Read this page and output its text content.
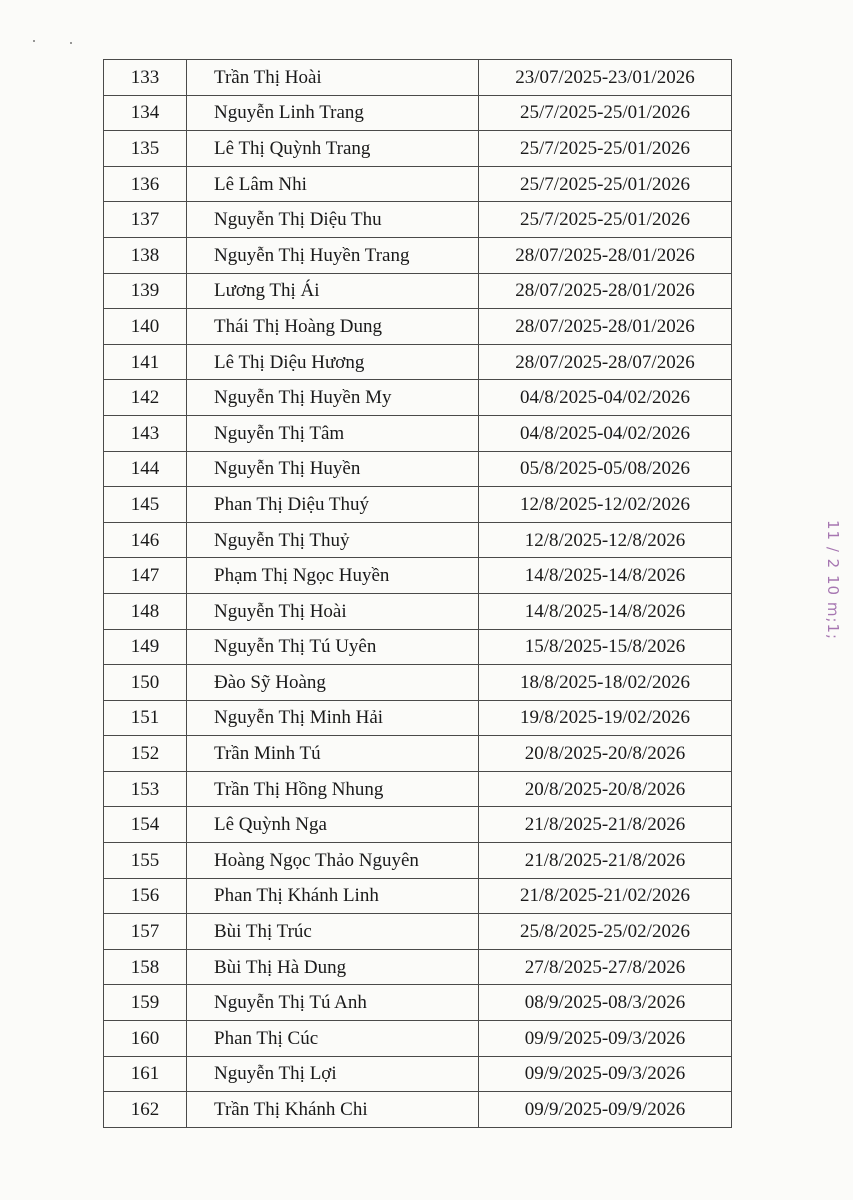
133	Trần Thị Hoài	23/07/2025-23/01/2026
134	Nguyễn Linh Trang	25/7/2025-25/01/2026
135	Lê Thị Quỳnh Trang	25/7/2025-25/01/2026
136	Lê Lâm Nhi	25/7/2025-25/01/2026
137	Nguyễn Thị Diệu Thu	25/7/2025-25/01/2026
138	Nguyễn Thị Huyền Trang	28/07/2025-28/01/2026
139	Lương Thị Ái	28/07/2025-28/01/2026
140	Thái Thị Hoàng Dung	28/07/2025-28/01/2026
141	Lê Thị Diệu Hương	28/07/2025-28/07/2026
142	Nguyễn Thị Huyền My	04/8/2025-04/02/2026
143	Nguyễn Thị Tâm	04/8/2025-04/02/2026
144	Nguyễn Thị Huyền	05/8/2025-05/08/2026
145	Phan Thị Diệu Thuý	12/8/2025-12/02/2026
146	Nguyễn Thị Thuỷ	12/8/2025-12/8/2026
147	Phạm Thị Ngọc Huyền	14/8/2025-14/8/2026
148	Nguyễn Thị Hoài	14/8/2025-14/8/2026
149	Nguyễn Thị Tú Uyên	15/8/2025-15/8/2026
150	Đào Sỹ Hoàng	18/8/2025-18/02/2026
151	Nguyễn Thị Minh Hải	19/8/2025-19/02/2026
152	Trần Minh Tú	20/8/2025-20/8/2026
153	Trần Thị Hồng Nhung	20/8/2025-20/8/2026
154	Lê Quỳnh Nga	21/8/2025-21/8/2026
155	Hoàng Ngọc Thảo Nguyên	21/8/2025-21/8/2026
156	Phan Thị Khánh Linh	21/8/2025-21/02/2026
157	Bùi Thị Trúc	25/8/2025-25/02/2026
158	Bùi Thị Hà Dung	27/8/2025-27/8/2026
159	Nguyễn Thị Tú Anh	08/9/2025-08/3/2026
160	Phan Thị Cúc	09/9/2025-09/3/2026
161	Nguyễn Thị Lợi	09/9/2025-09/3/2026
162	Trần Thị Khánh Chi	09/9/2025-09/9/2026
11 / 2 10 m;1;
